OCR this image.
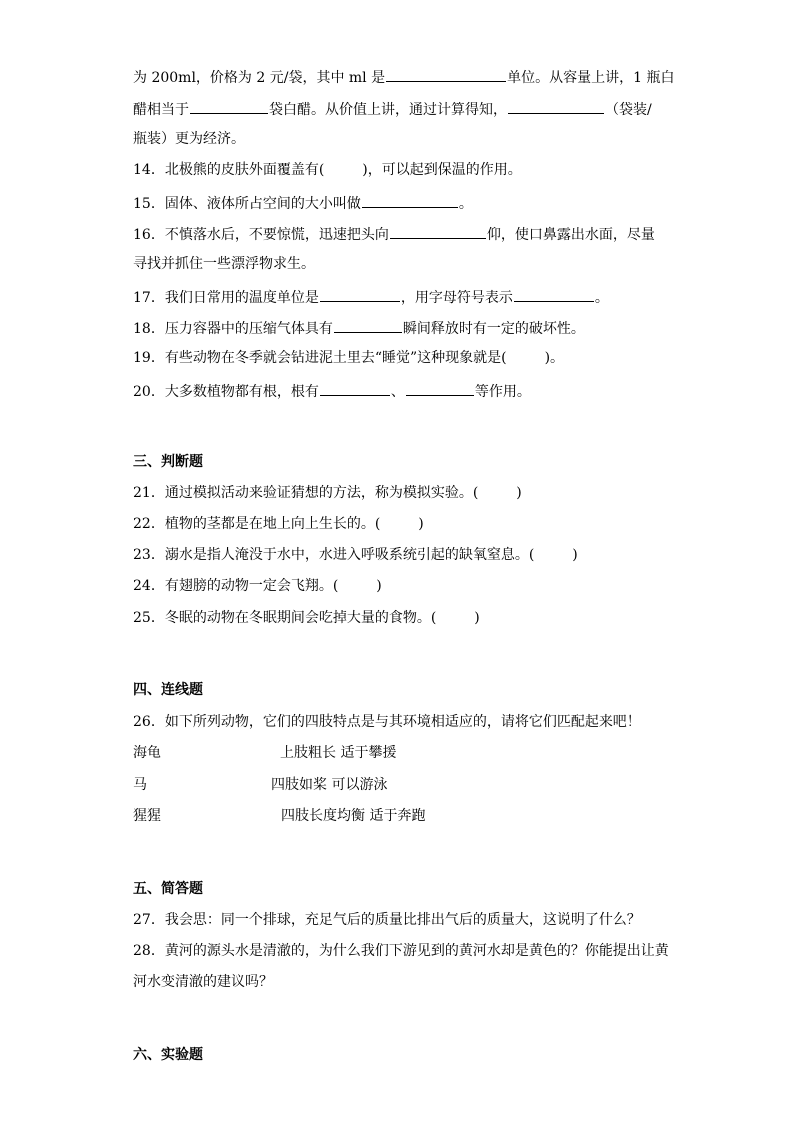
为 200ml，价格为 2 元/袋，其中 ml 是	单位。从容量上讲，1 瓶白
醋相当于	袋白醋。从价值上讲，通过计算得知，	（袋装/
瓶装）更为经济。
14．北极熊的皮肤外面覆盖有(	)，可以起到保温的作用。
15．固体、液体所占空间的大小叫做	。
16．不慎落水后，不要惊慌，迅速把头向	仰，使口鼻露出水面，尽量
寻找并抓住一些漂浮物求生。
17．我们日常用的温度单位是	，用字母符号表示	。
18．压力容器中的压缩气体具有	瞬间释放时有一定的破坏性。
19．有些动物在冬季就会钻进泥土里去“睡觉”这种现象就是(	)。
20．大多数植物都有根，根有	、	等作用。
三、判断题
21．通过模拟活动来验证猜想的方法，称为模拟实验。(	)
22．植物的茎都是在地上向上生长的。(	)
23．溺水是指人淹没于水中，水进入呼吸系统引起的缺氧窒息。(	)
24．有翅膀的动物一定会飞翔。(	)
25．冬眠的动物在冬眠期间会吃掉大量的食物。(	)
四、连线题
26．如下所列动物，它们的四肢特点是与其环境相适应的，请将它们匹配起来吧！
海龟	上肢粗长 适于攀援
马	四肢如桨 可以游泳
猩猩	四肢长度均衡 适于奔跑
五、简答题
27．我会思：同一个排球，充足气后的质量比排出气后的质量大，这说明了什么？
28．黄河的源头水是清澈的，为什么我们下游见到的黄河水却是黄色的？你能提出让黄
河水变清澈的建议吗？
六、实验题
